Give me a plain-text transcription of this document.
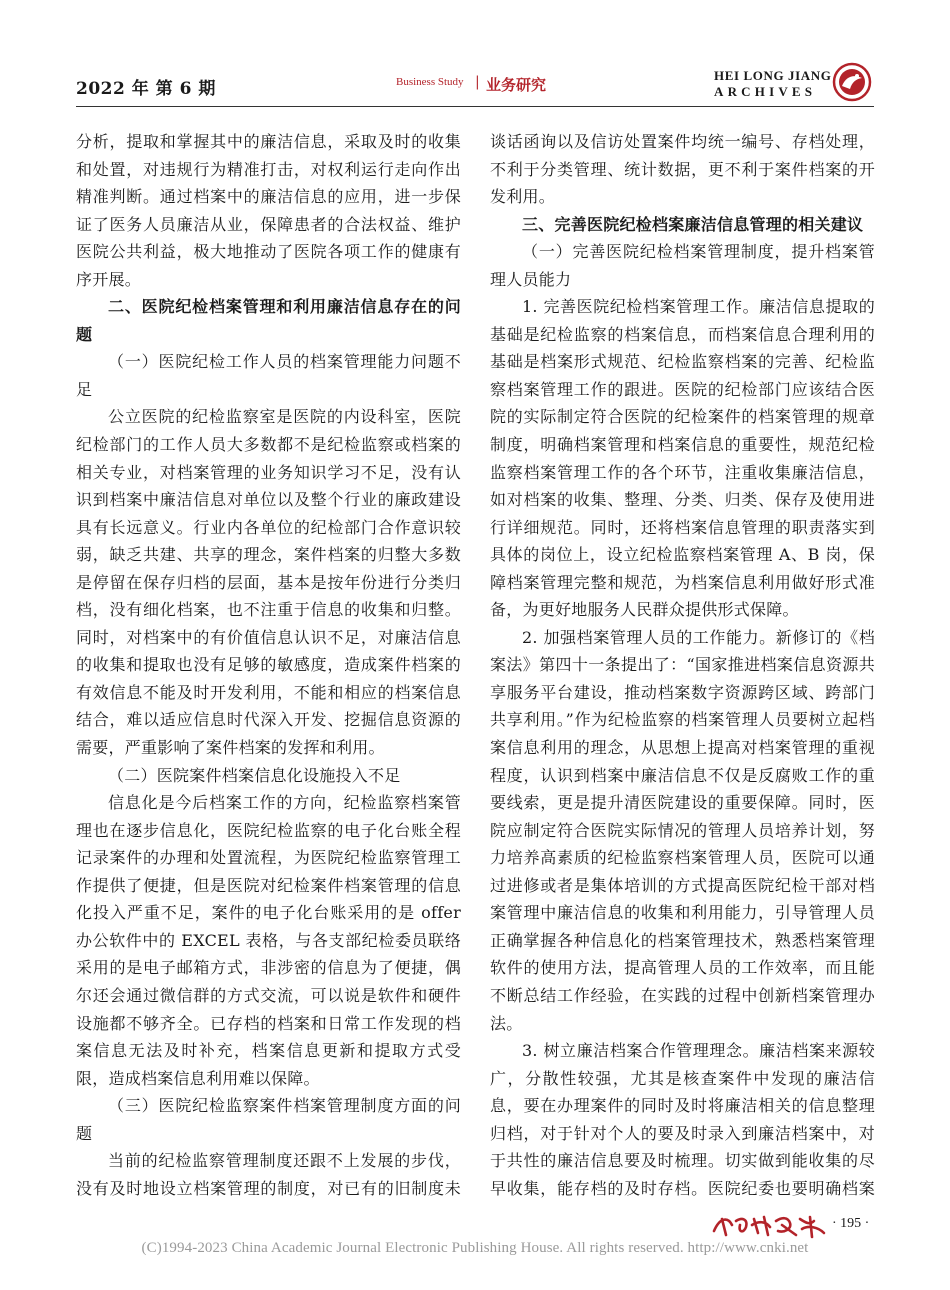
2022 年 第 6 期	Business Study | 业务研究
HEI LONG JIANG
ARCHIVES

分析，提取和掌握其中的廉洁信息，采取及时的收集和处置，对违规行为精准打击，对权利运行走向作出精准判断。通过档案中的廉洁信息的应用，进一步保证了医务人员廉洁从业，保障患者的合法权益、维护医院公共利益，极大地推动了医院各项工作的健康有序开展。

二、医院纪检档案管理和利用廉洁信息存在的问题

（一）医院纪检工作人员的档案管理能力问题不足

公立医院的纪检监察室是医院的内设科室，医院纪检部门的工作人员大多数都不是纪检监察或档案的相关专业，对档案管理的业务知识学习不足，没有认识到档案中廉洁信息对单位以及整个行业的廉政建设具有长远意义。行业内各单位的纪检部门合作意识较弱，缺乏共建、共享的理念，案件档案的归整大多数是停留在保存归档的层面，基本是按年份进行分类归档，没有细化档案，也不注重于信息的收集和归整。同时，对档案中的有价值信息认识不足，对廉洁信息的收集和提取也没有足够的敏感度，造成案件档案的有效信息不能及时开发利用，不能和相应的档案信息结合，难以适应信息时代深入开发、挖掘信息资源的需要，严重影响了案件档案的发挥和利用。

（二）医院案件档案信息化设施投入不足

信息化是今后档案工作的方向，纪检监察档案管理也在逐步信息化，医院纪检监察的电子化台账全程记录案件的办理和处置流程，为医院纪检监察管理工作提供了便捷，但是医院对纪检案件档案管理的信息化投入严重不足，案件的电子化台账采用的是 offer 办公软件中的 EXCEL 表格，与各支部纪检委员联络采用的是电子邮箱方式，非涉密的信息为了便捷，偶尔还会通过微信群的方式交流，可以说是软件和硬件设施都不够齐全。已存档的档案和日常工作发现的档案信息无法及时补充，档案信息更新和提取方式受限，造成档案信息利用难以保障。

（三）医院纪检监察案件档案管理制度方面的问题

当前的纪检监察管理制度还跟不上发展的步伐，没有及时地设立档案管理的制度，对已有的旧制度未

谈话函询以及信访处置案件均统一编号、存档处理，不利于分类管理、统计数据，更不利于案件档案的开发利用。

三、完善医院纪检档案廉洁信息管理的相关建议

（一）完善医院纪检档案管理制度，提升档案管理人员能力

1. 完善医院纪检档案管理工作。廉洁信息提取的基础是纪检监察的档案信息，而档案信息合理利用的基础是档案形式规范、纪检监察档案的完善、纪检监察档案管理工作的跟进。医院的纪检部门应该结合医院的实际制定符合医院的纪检案件的档案管理的规章制度，明确档案管理和档案信息的重要性，规范纪检监察档案管理工作的各个环节，注重收集廉洁信息，如对档案的收集、整理、分类、归类、保存及使用进行详细规范。同时，还将档案信息管理的职责落实到具体的岗位上，设立纪检监察档案管理 A、B 岗，保障档案管理完整和规范，为档案信息利用做好形式准备，为更好地服务人民群众提供形式保障。

2. 加强档案管理人员的工作能力。新修订的《档案法》第四十一条提出了：“国家推进档案信息资源共享服务平台建设，推动档案数字资源跨区域、跨部门共享利用。”作为纪检监察的档案管理人员要树立起档案信息利用的理念，从思想上提高对档案管理的重视程度，认识到档案中廉洁信息不仅是反腐败工作的重要线索，更是提升清医院建设的重要保障。同时，医院应制定符合医院实际情况的管理人员培养计划，努力培养高素质的纪检监察档案管理人员，医院可以通过进修或者是集体培训的方式提高医院纪检干部对档案管理中廉洁信息的收集和利用能力，引导管理人员正确掌握各种信息化的档案管理技术，熟悉档案管理软件的使用方法，提高管理人员的工作效率，而且能不断总结工作经验，在实践的过程中创新档案管理办法。

3. 树立廉洁档案合作管理理念。廉洁档案来源较广，分散性较强，尤其是核查案件中发现的廉洁信息，要在办理案件的同时及时将廉洁相关的信息整理归档，对于针对个人的要及时录入到廉洁档案中，对于共性的廉洁信息要及时梳理。切实做到能收集的尽早收集，能存档的及时存档。医院纪委也要明确档案

· 195 ·
(C)1994-2023 China Academic Journal Electronic Publishing House. All rights reserved. http://www.cnki.net
